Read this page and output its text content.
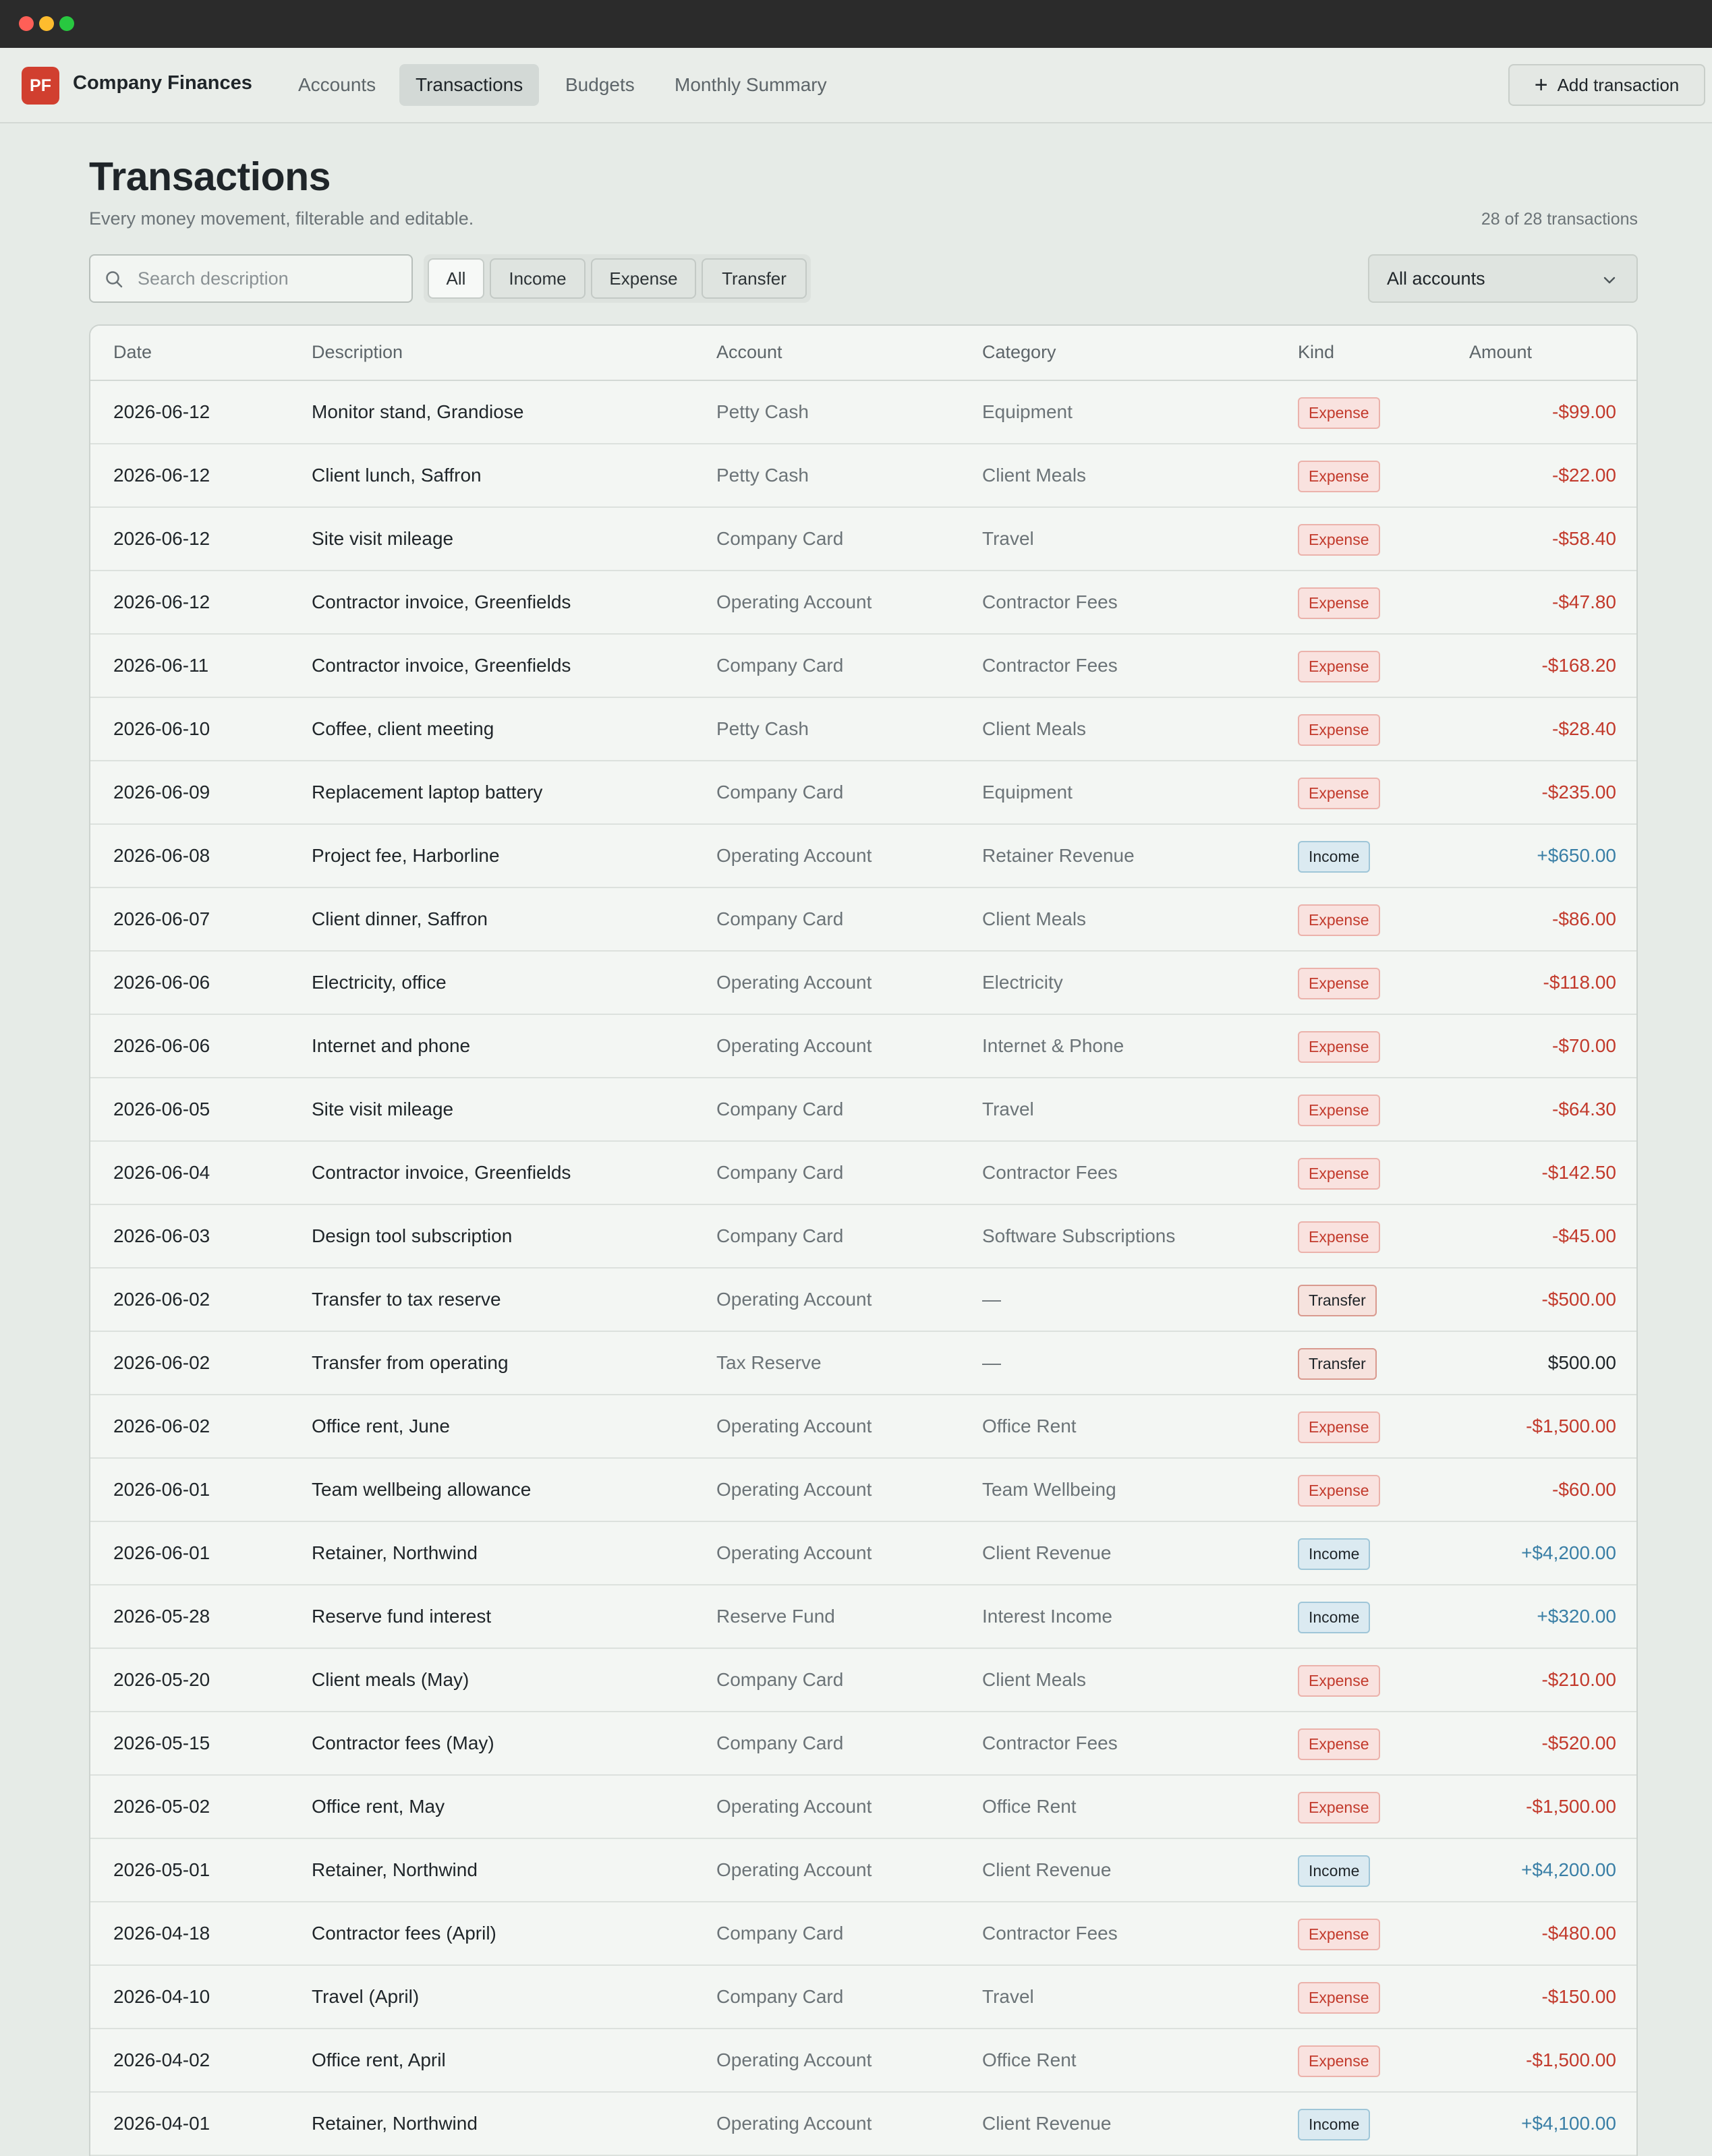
PF	Company Finances	Accounts	Transactions	Budgets	Monthly Summary	+ Add transaction
Transactions
Every money movement, filterable and editable.	28 of 28 transactions
Search description
All	Income	Expense	Transfer	All accounts
Date	Description	Account	Category	Kind	Amount
2026-06-12	Monitor stand, Grandiose	Petty Cash	Equipment	Expense	-$99.00
2026-06-12	Client lunch, Saffron	Petty Cash	Client Meals	Expense	-$22.00
2026-06-12	Site visit mileage	Company Card	Travel	Expense	-$58.40
2026-06-12	Contractor invoice, Greenfields	Operating Account	Contractor Fees	Expense	-$47.80
2026-06-11	Contractor invoice, Greenfields	Company Card	Contractor Fees	Expense	-$168.20
2026-06-10	Coffee, client meeting	Petty Cash	Client Meals	Expense	-$28.40
2026-06-09	Replacement laptop battery	Company Card	Equipment	Expense	-$235.00
2026-06-08	Project fee, Harborline	Operating Account	Retainer Revenue	Income	+$650.00
2026-06-07	Client dinner, Saffron	Company Card	Client Meals	Expense	-$86.00
2026-06-06	Electricity, office	Operating Account	Electricity	Expense	-$118.00
2026-06-06	Internet and phone	Operating Account	Internet & Phone	Expense	-$70.00
2026-06-05	Site visit mileage	Company Card	Travel	Expense	-$64.30
2026-06-04	Contractor invoice, Greenfields	Company Card	Contractor Fees	Expense	-$142.50
2026-06-03	Design tool subscription	Company Card	Software Subscriptions	Expense	-$45.00
2026-06-02	Transfer to tax reserve	Operating Account	—	Transfer	-$500.00
2026-06-02	Transfer from operating	Tax Reserve	—	Transfer	$500.00
2026-06-02	Office rent, June	Operating Account	Office Rent	Expense	-$1,500.00
2026-06-01	Team wellbeing allowance	Operating Account	Team Wellbeing	Expense	-$60.00
2026-06-01	Retainer, Northwind	Operating Account	Client Revenue	Income	+$4,200.00
2026-05-28	Reserve fund interest	Reserve Fund	Interest Income	Income	+$320.00
2026-05-20	Client meals (May)	Company Card	Client Meals	Expense	-$210.00
2026-05-15	Contractor fees (May)	Company Card	Contractor Fees	Expense	-$520.00
2026-05-02	Office rent, May	Operating Account	Office Rent	Expense	-$1,500.00
2026-05-01	Retainer, Northwind	Operating Account	Client Revenue	Income	+$4,200.00
2026-04-18	Contractor fees (April)	Company Card	Contractor Fees	Expense	-$480.00
2026-04-10	Travel (April)	Company Card	Travel	Expense	-$150.00
2026-04-02	Office rent, April	Operating Account	Office Rent	Expense	-$1,500.00
2026-04-01	Retainer, Northwind	Operating Account	Client Revenue	Income	+$4,100.00
